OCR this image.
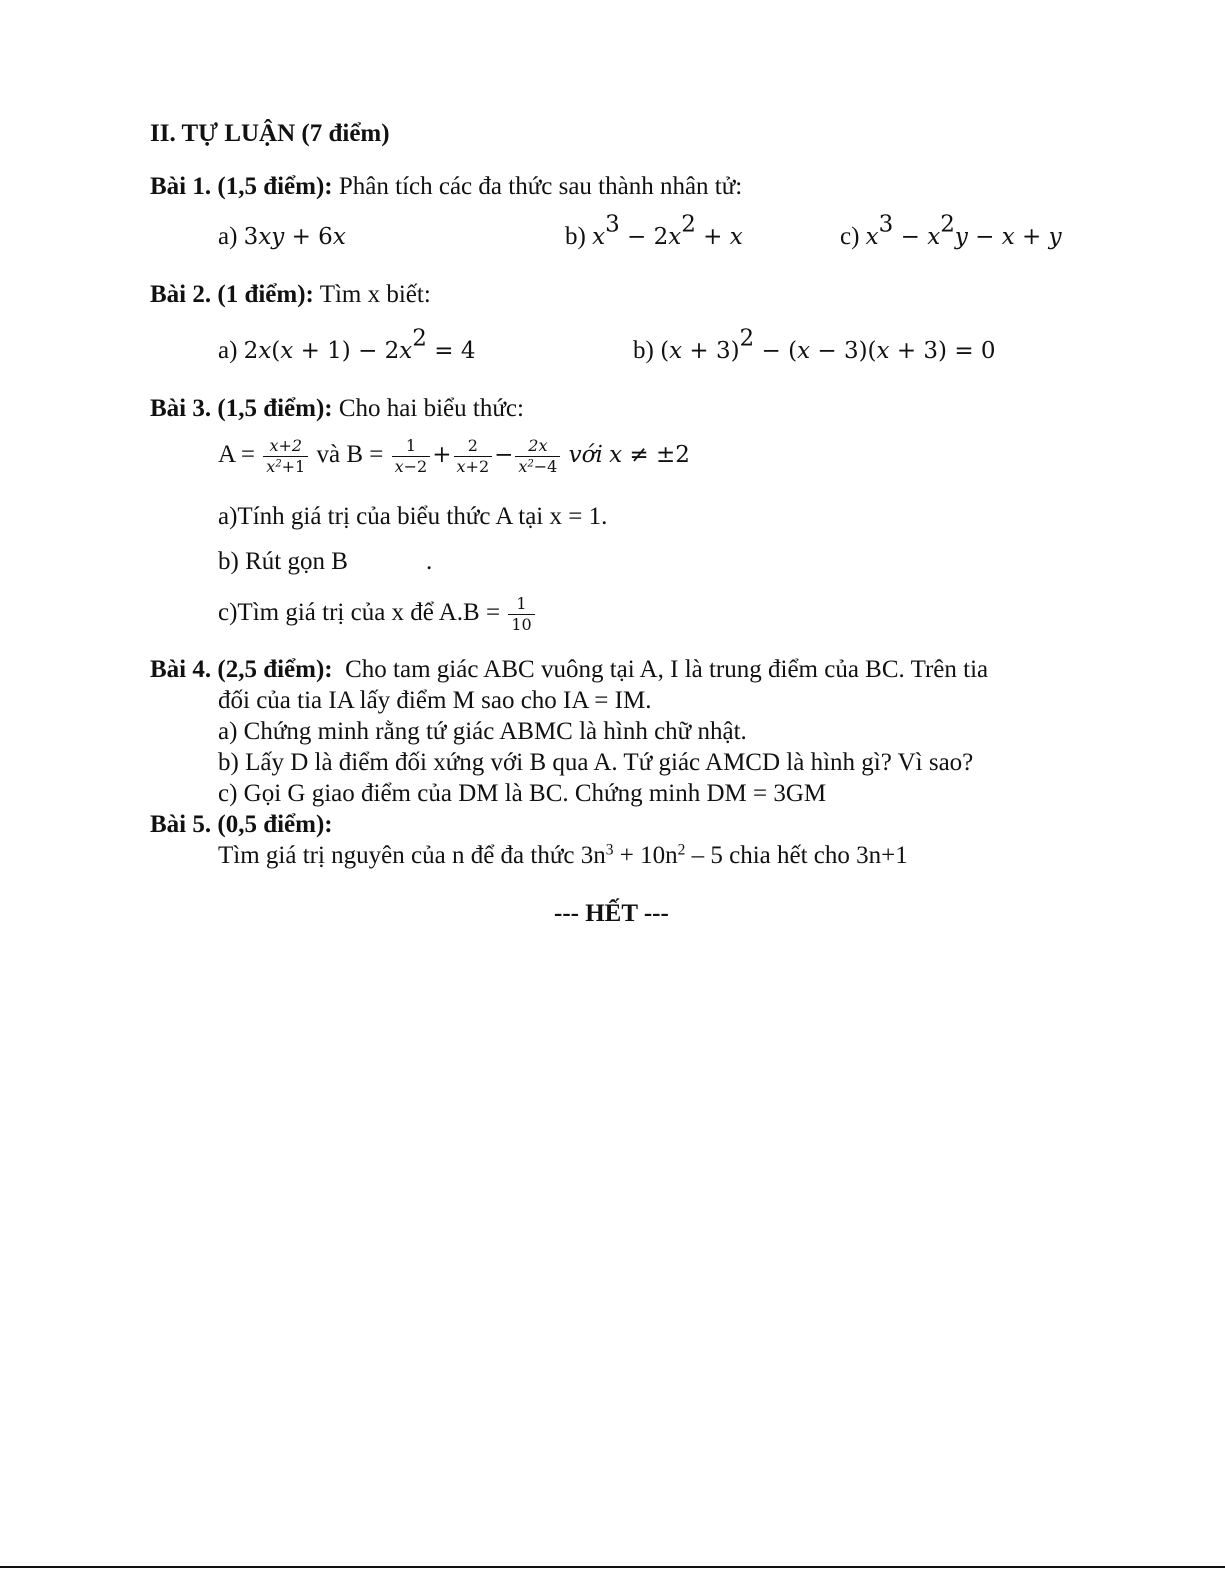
II. TỰ LUẬN (7 điểm)
Bài 1. (1,5 điểm): Phân tích các đa thức sau thành nhân tử:
a) 3xy + 6x	b) $x^3 - 2x^2 + x$	c) $x^3 - x^2y - x + y$
Bài 2. (1 điểm): Tìm x biết:
a) $2x(x + 1) - 2x^2 = 4$	b) $(x + 3)^2 - (x - 3)(x + 3) = 0$
Bài 3. (1,5 điểm): Cho hai biểu thức:
$A = \frac{x+2}{x^2+1}$ và $B = \frac{1}{x-2} + \frac{2}{x+2} - \frac{2x}{x^2-4}$ với x ≠ ±2
a)Tính giá trị của biểu thức A tại x = 1.
b) Rút gọn B	.
c)Tìm giá trị của x để $A.B = \frac{1}{10}$
Bài 4. (2,5 điểm): Cho tam giác ABC vuông tại A, I là trung điểm của BC. Trên tia
đối của tia IA lấy điểm M sao cho IA = IM.
a) Chứng minh rằng tứ giác ABMC là hình chữ nhật.
b) Lấy D là điểm đối xứng với B qua A. Tứ giác AMCD là hình gì? Vì sao?
c) Gọi G giao điểm của DM là BC. Chứng minh DM = 3GM
Bài 5. (0,5 điểm):
Tìm giá trị nguyên của n để đa thức $3n^3 + 10n^2 - 5$ chia hết cho 3n+1
--- HẾT ---
